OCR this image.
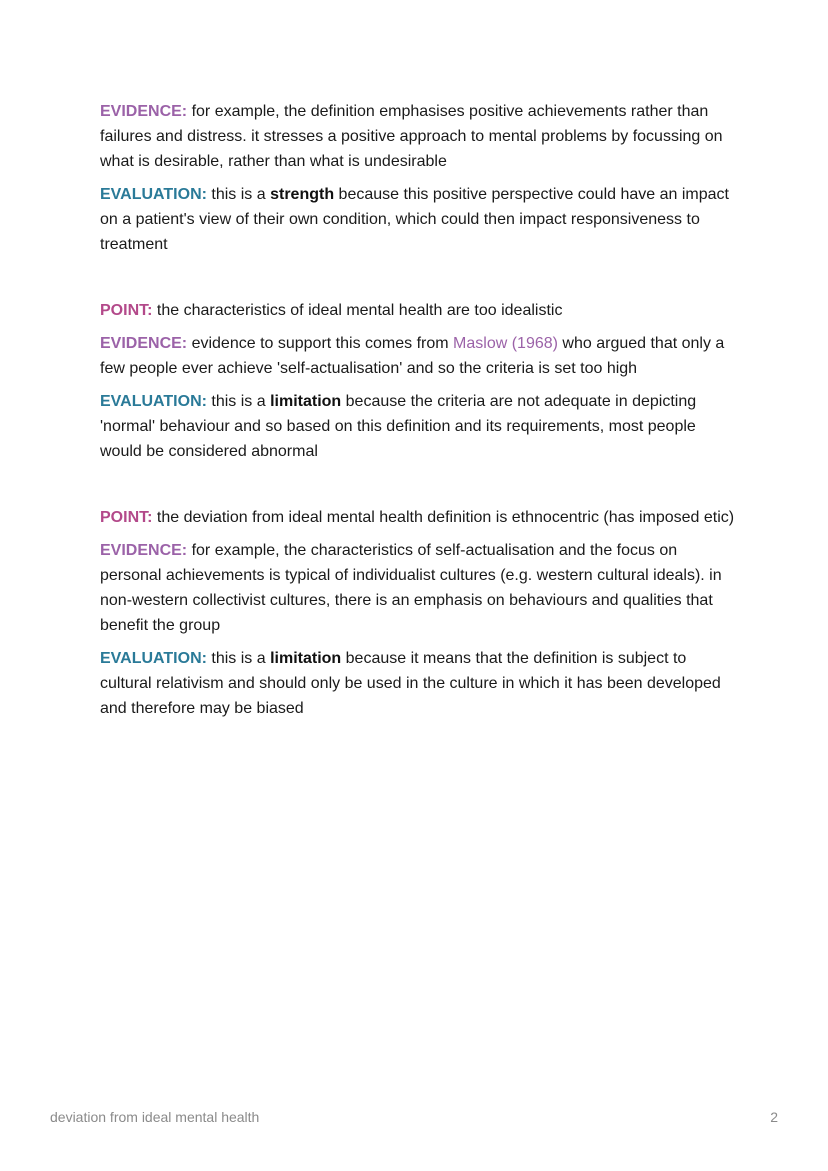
EVIDENCE: for example, the definition emphasises positive achievements rather than failures and distress. it stresses a positive approach to mental problems by focussing on what is desirable, rather than what is undesirable

EVALUATION: this is a strength because this positive perspective could have an impact on a patient's view of their own condition, which could then impact responsiveness to treatment

POINT: the characteristics of ideal mental health are too idealistic

EVIDENCE: evidence to support this comes from Maslow (1968) who argued that only a few people ever achieve 'self-actualisation' and so the criteria is set too high

EVALUATION: this is a limitation because the criteria are not adequate in depicting 'normal' behaviour and so based on this definition and its requirements, most people would be considered abnormal

POINT: the deviation from ideal mental health definition is ethnocentric (has imposed etic)

EVIDENCE: for example, the characteristics of self-actualisation and the focus on personal achievements is typical of individualist cultures (e.g. western cultural ideals). in non-western collectivist cultures, there is an emphasis on behaviours and qualities that benefit the group

EVALUATION: this is a limitation because it means that the definition is subject to cultural relativism and should only be used in the culture in which it has been developed and therefore may be biased

deviation from ideal mental health	2
